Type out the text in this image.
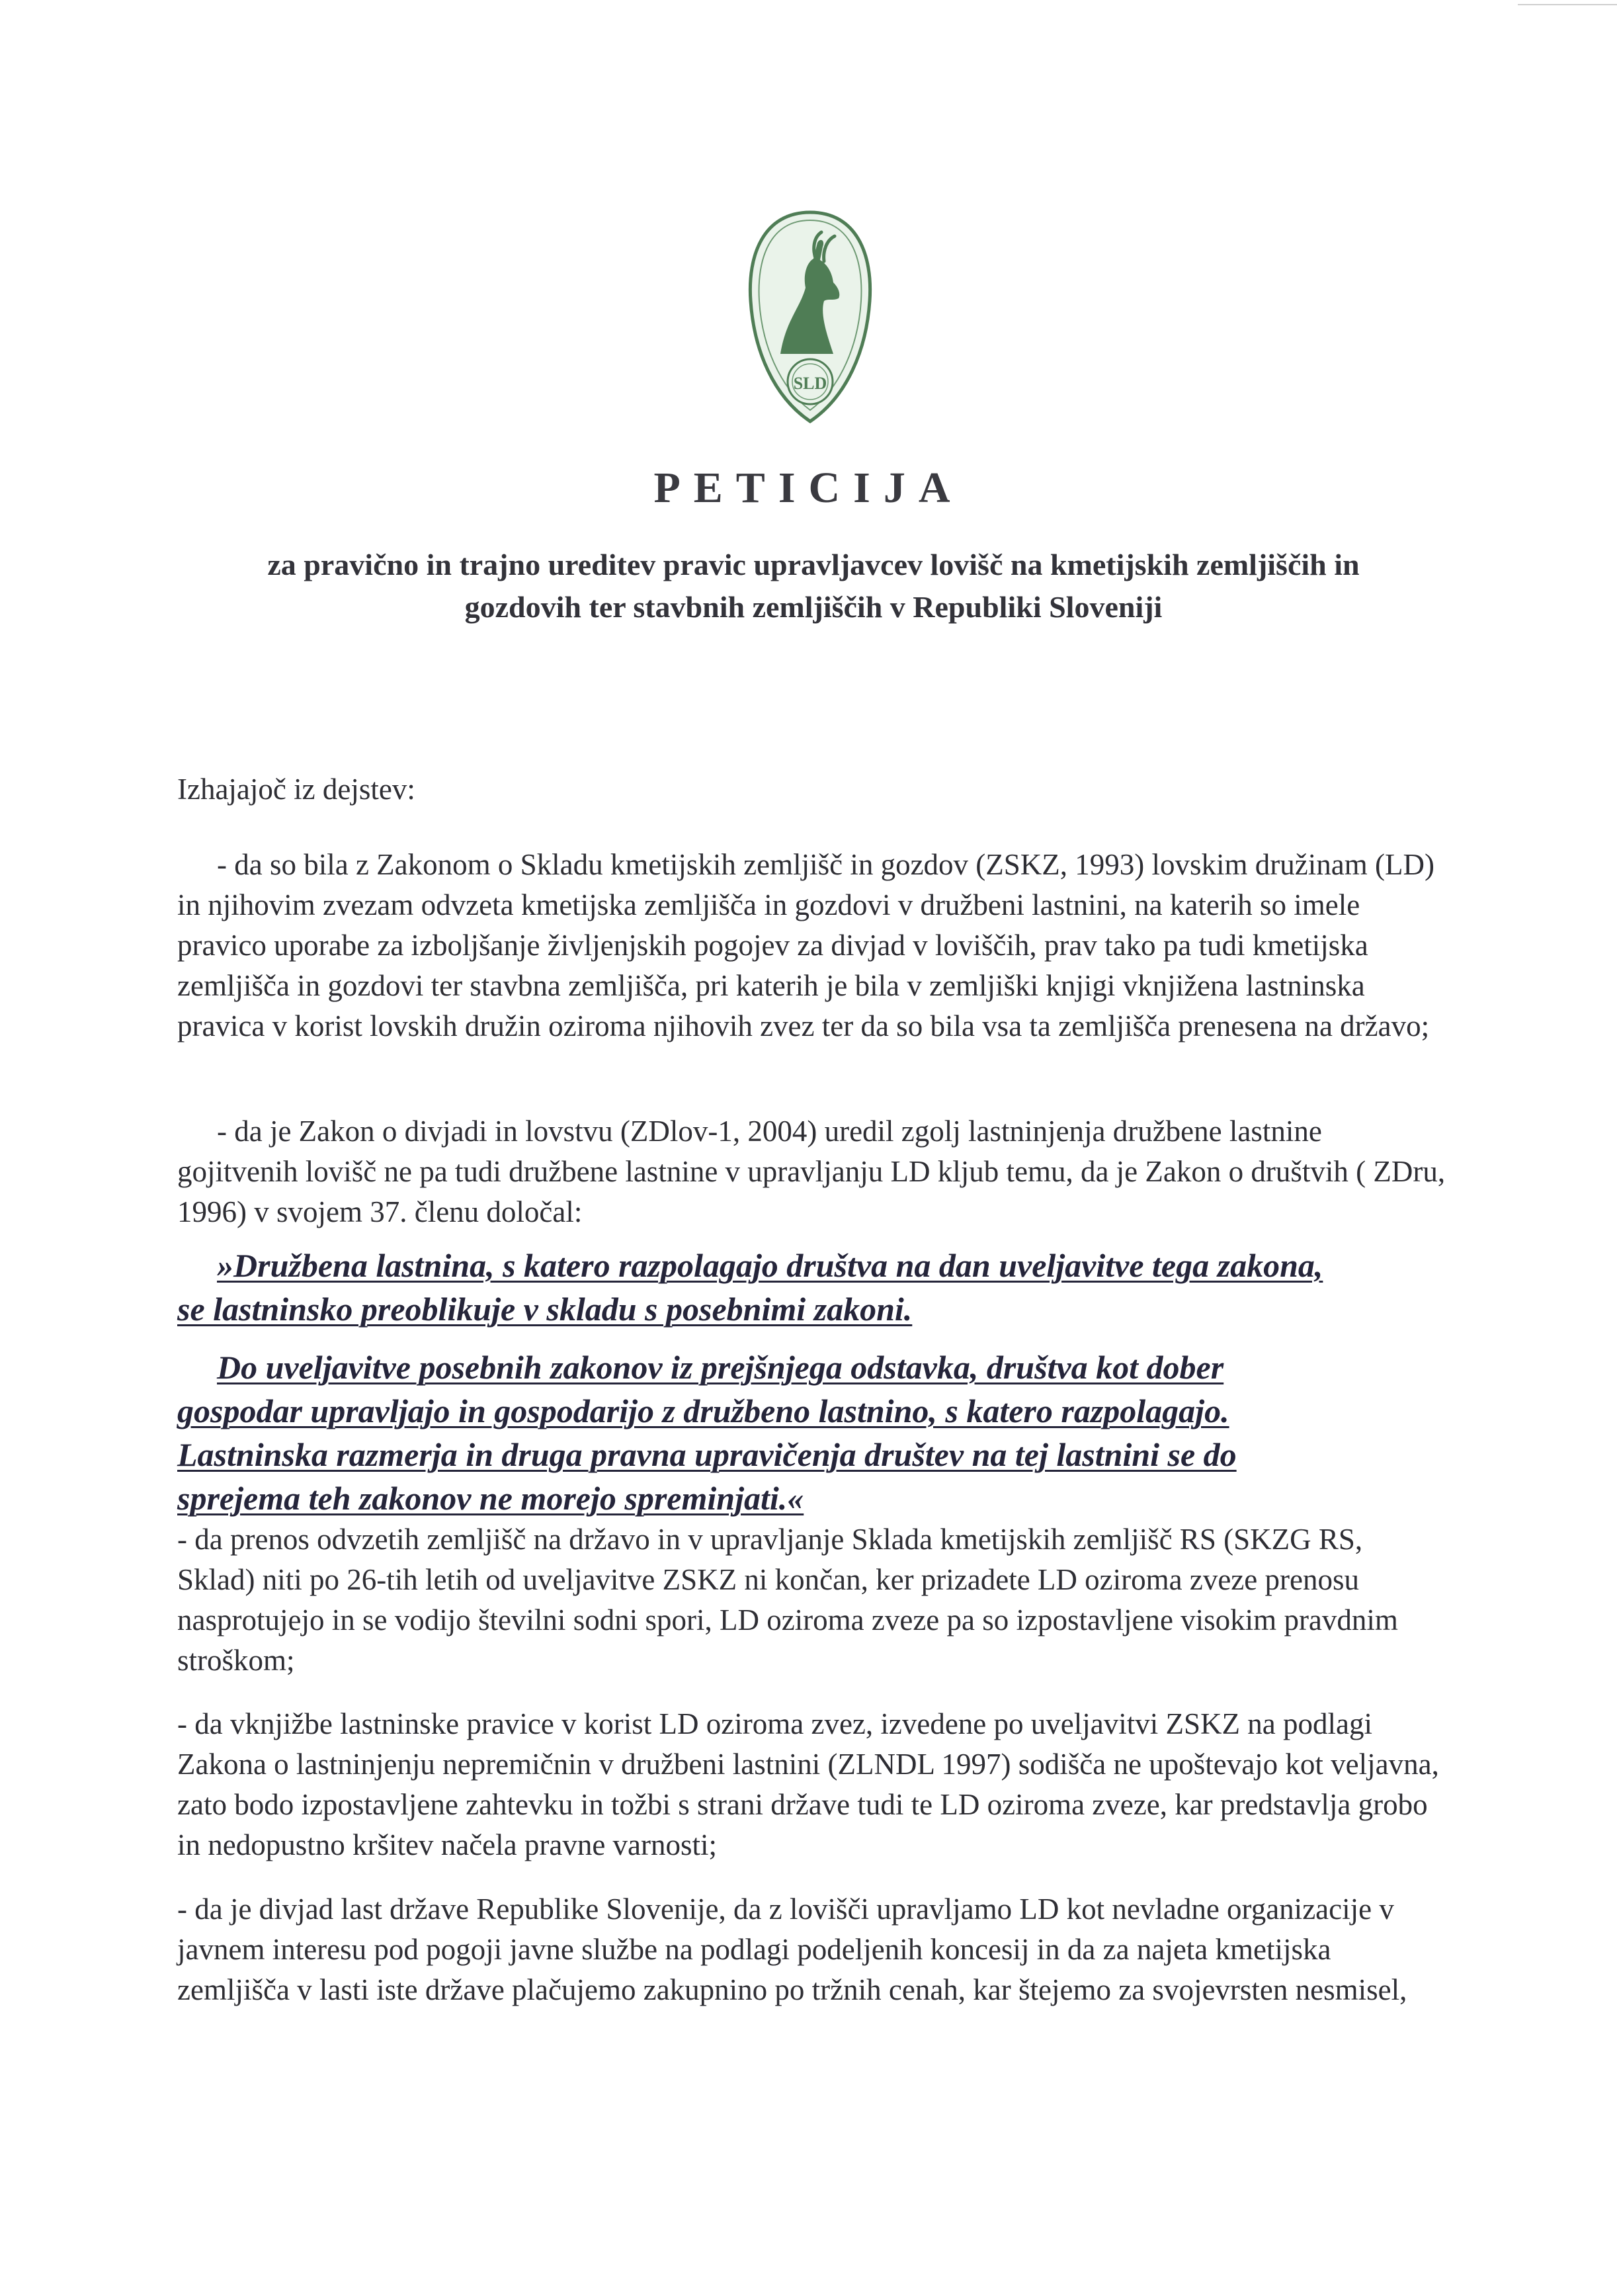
SLD
PETICIJA
za pravično in trajno ureditev pravic upravljavcev lovišč na kmetijskih zemljiščih in
gozdovih ter stavbnih zemljiščih v Republiki Sloveniji
Izhajajoč iz dejstev:

- da so bila z Zakonom o Skladu kmetijskih zemljišč in gozdov (ZSKZ, 1993) lovskim družinam (LD) in njihovim zvezam odvzeta kmetijska zemljišča in gozdovi v družbeni lastnini, na katerih so imele pravico uporabe za izboljšanje življenjskih pogojev za divjad v loviščih, prav tako pa tudi kmetijska zemljišča in gozdovi ter stavbna zemljišča, pri katerih je bila v zemljiški knjigi vknjižena lastninska pravica v korist lovskih družin oziroma njihovih zvez ter da so bila vsa ta zemljišča prenesena na državo;

- da je Zakon o divjadi in lovstvu (ZDlov-1, 2004) uredil zgolj lastninjenja družbene lastnine gojitvenih lovišč ne pa tudi družbene lastnine v upravljanju LD kljub temu, da je Zakon o društvih ( ZDru, 1996) v svojem 37. členu določal:

»Družbena lastnina, s katero razpolagajo društva na dan uveljavitve tega zakona,
se lastninsko preoblikuje v skladu s posebnimi zakoni.
Do uveljavitve posebnih zakonov iz prejšnjega odstavka, društva kot dober
gospodar upravljajo in gospodarijo z družbeno lastnino, s katero razpolagajo.
Lastninska razmerja in druga pravna upravičenja društev na tej lastnini se do
sprejema teh zakonov ne morejo spreminjati.«

- da prenos odvzetih zemljišč na državo in v upravljanje Sklada kmetijskih zemljišč RS (SKZG RS, Sklad) niti po 26-tih letih od uveljavitve ZSKZ ni končan, ker prizadete LD oziroma zveze prenosu nasprotujejo in se vodijo številni sodni spori, LD oziroma zveze pa so izpostavljene visokim pravdnim stroškom;

- da vknjižbe lastninske pravice v korist LD oziroma zvez, izvedene po uveljavitvi ZSKZ na podlagi Zakona o lastninjenju nepremičnin v družbeni lastnini (ZLNDL 1997) sodišča ne upoštevajo kot veljavna, zato bodo izpostavljene zahtevku in tožbi s strani države tudi te LD oziroma zveze, kar predstavlja grobo in nedopustno kršitev načela pravne varnosti;

- da je divjad last države Republike Slovenije, da z lovišči upravljamo LD kot nevladne organizacije v javnem interesu pod pogoji javne službe na podlagi podeljenih koncesij in da za najeta kmetijska zemljišča v lasti iste države plačujemo zakupnino po tržnih cenah, kar štejemo za svojevrsten nesmisel,
